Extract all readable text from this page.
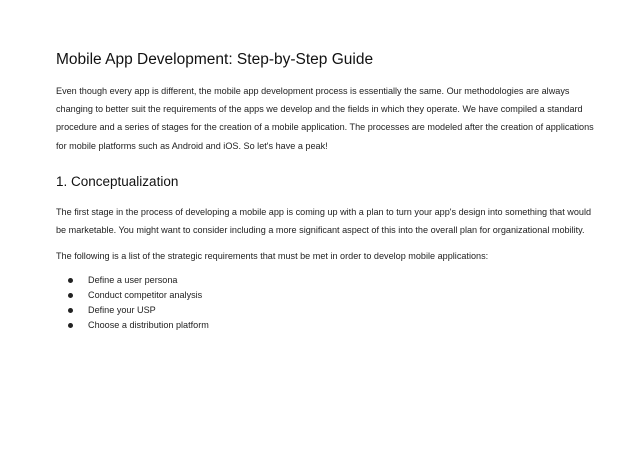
Mobile App Development: Step-by-Step Guide

Even though every app is different, the mobile app development process is essentially the same. Our methodologies are always changing to better suit the requirements of the apps we develop and the fields in which they operate. We have compiled a standard procedure and a series of stages for the creation of a mobile application. The processes are modeled after the creation of applications for mobile platforms such as Android and iOS. So let's have a peak!

1. Conceptualization

The first stage in the process of developing a mobile app is coming up with a plan to turn your app's design into something that would be marketable. You might want to consider including a more significant aspect of this into the overall plan for organizational mobility.

The following is a list of the strategic requirements that must be met in order to develop mobile applications:

Define a user persona
Conduct competitor analysis
Define your USP
Choose a distribution platform
